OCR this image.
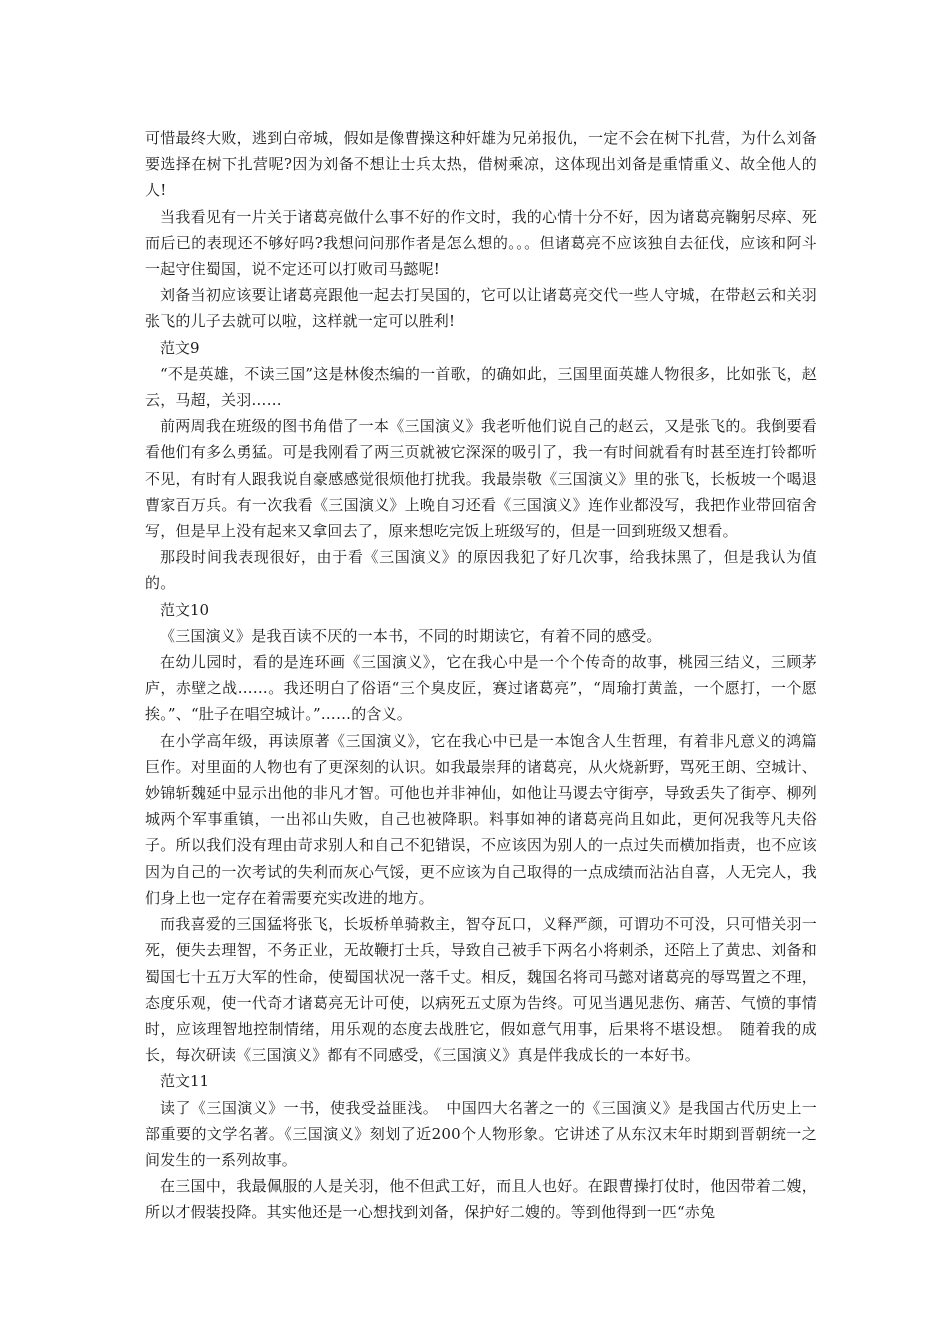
可惜最终大败，逃到白帝城，假如是像曹操这种奸雄为兄弟报仇，一定不会在树下扎营，为什么刘备要选择在树下扎营呢?因为刘备不想让士兵太热，借树乘凉，这体现出刘备是重情重义、故全他人的人!

当我看见有一片关于诸葛亮做什么事不好的作文时，我的心情十分不好，因为诸葛亮鞠躬尽瘁、死而后已的表现还不够好吗?我想问问那作者是怎么想的。。。但诸葛亮不应该独自去征伐，应该和阿斗一起守住蜀国，说不定还可以打败司马懿呢!

刘备当初应该要让诸葛亮跟他一起去打吴国的，它可以让诸葛亮交代一些人守城，在带赵云和关羽张飞的儿子去就可以啦，这样就一定可以胜利!

范文9

“不是英雄，不读三国”这是林俊杰编的一首歌，的确如此，三国里面英雄人物很多，比如张飞，赵云，马超，关羽……

前两周我在班级的图书角借了一本《三国演义》我老听他们说自己的赵云，又是张飞的。我倒要看看他们有多么勇猛。可是我刚看了两三页就被它深深的吸引了，我一有时间就看有时甚至连打铃都听不见，有时有人跟我说自豪感感觉很烦他打扰我。我最崇敬《三国演义》里的张飞，长板坡一个喝退曹家百万兵。有一次我看《三国演义》上晚自习还看《三国演义》连作业都没写，我把作业带回宿舍写，但是早上没有起来又拿回去了，原来想吃完饭上班级写的，但是一回到班级又想看。

那段时间我表现很好，由于看《三国演义》的原因我犯了好几次事，给我抹黑了，但是我认为值的。

范文10

《三国演义》是我百读不厌的一本书，不同的时期读它，有着不同的感受。

在幼儿园时，看的是连环画《三国演义》，它在我心中是一个个传奇的故事，桃园三结义，三顾茅庐，赤壁之战……。我还明白了俗语“三个臭皮匠，赛过诸葛亮”，“周瑜打黄盖，一个愿打，一个愿挨。”、“肚子在唱空城计。”……的含义。

在小学高年级，再读原著《三国演义》，它在我心中已是一本饱含人生哲理，有着非凡意义的鸿篇巨作。对里面的人物也有了更深刻的认识。如我最崇拜的诸葛亮，从火烧新野，骂死王朗、空城计、妙锦斩魏延中显示出他的非凡才智。可他也并非神仙，如他让马谡去守街亭，导致丢失了街亭、柳列城两个军事重镇，一出祁山失败，自己也被降职。料事如神的诸葛亮尚且如此，更何况我等凡夫俗子。所以我们没有理由苛求别人和自己不犯错误，不应该因为别人的一点过失而横加指责，也不应该因为自己的一次考试的失利而灰心气馁，更不应该为自己取得的一点成绩而沾沾自喜，人无完人，我们身上也一定存在着需要充实改进的地方。

而我喜爱的三国猛将张飞，长坂桥单骑救主，智夺瓦口，义释严颜，可谓功不可没，只可惜关羽一死，便失去理智，不务正业，无故鞭打士兵，导致自己被手下两名小将刺杀，还陪上了黄忠、刘备和蜀国七十五万大军的性命，使蜀国状况一落千丈。相反，魏国名将司马懿对诸葛亮的辱骂置之不理，态度乐观，使一代奇才诸葛亮无计可使，以病死五丈原为告终。可见当遇见悲伤、痛苦、气愤的事情时，应该理智地控制情绪，用乐观的态度去战胜它，假如意气用事，后果将不堪设想。　随着我的成长，每次研读《三国演义》都有不同感受，《三国演义》真是伴我成长的一本好书。

范文11

读了《三国演义》一书，使我受益匪浅。　中国四大名著之一的《三国演义》是我国古代历史上一部重要的文学名著。《三国演义》刻划了近200个人物形象。它讲述了从东汉末年时期到晋朝统一之间发生的一系列故事。

在三国中，我最佩服的人是关羽，他不但武工好，而且人也好。在跟曹操打仗时，他因带着二嫂，所以才假装投降。其实他还是一心想找到刘备，保护好二嫂的。等到他得到一匹“赤兔
